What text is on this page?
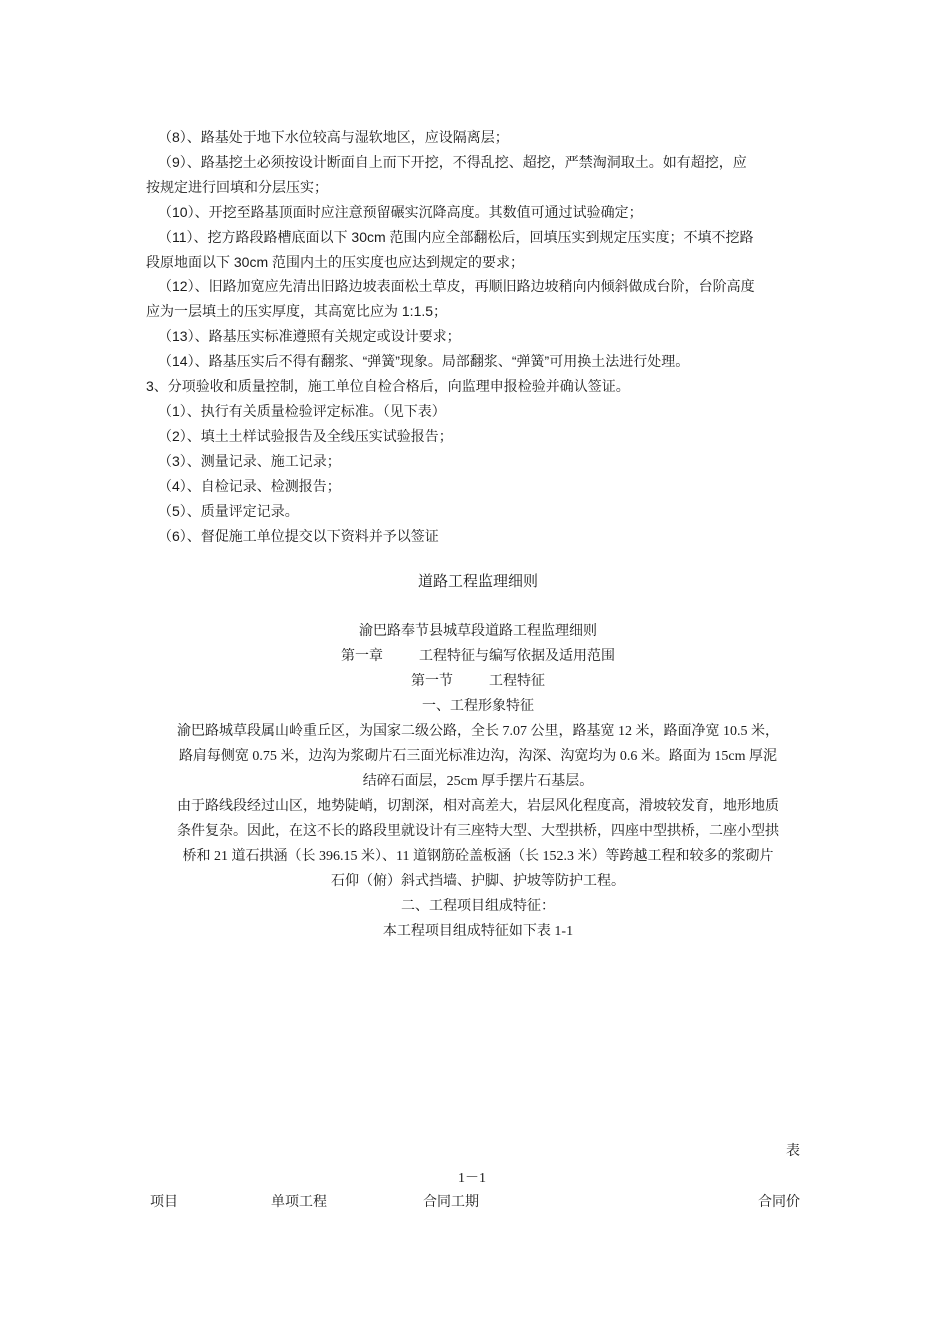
（8）、路基处于地下水位较高与湿软地区，应设隔离层；

（9）、路基挖土必须按设计断面自上而下开挖，不得乱挖、超挖，严禁淘洞取土。如有超挖，应
按规定进行回填和分层压实；

（10）、开挖至路基顶面时应注意预留碾实沉降高度。其数值可通过试验确定；

（11）、挖方路段路槽底面以下 30cm 范围内应全部翻松后，回填压实到规定压实度；不填不挖路
段原地面以下 30cm 范围内土的压实度也应达到规定的要求；

（12）、旧路加宽应先清出旧路边坡表面松土草皮，再顺旧路边坡稍向内倾斜做成台阶，台阶高度
应为一层填土的压实厚度，其高宽比应为 1:1.5；

（13）、路基压实标准遵照有关规定或设计要求；

（14）、路基压实后不得有翻浆、“弹簧”现象。局部翻浆、“弹簧”可用换土法进行处理。

3、分项验收和质量控制，施工单位自检合格后，向监理申报检验并确认签证。

（1）、执行有关质量检验评定标准。（见下表）

（2）、填土土样试验报告及全线压实试验报告；

（3）、测量记录、施工记录；

（4）、自检记录、检测报告；

（5）、质量评定记录。

（6）、督促施工单位提交以下资料并予以签证

道路工程监理细则

渝巴路奉节县城草段道路工程监理细则

第一章	工程特征与编写依据及适用范围

第一节	工程特征

一、工程形象特征

渝巴路城草段属山岭重丘区，为国家二级公路，全长 7.07 公里，路基宽 12 米，路面净宽 10.5 米，
路肩每侧宽 0.75 米，边沟为浆砌片石三面光标准边沟，沟深、沟宽均为 0.6 米。路面为 15cm 厚泥
结碎石面层，25cm 厚手摆片石基层。

由于路线段经过山区，地势陡峭，切割深，相对高差大，岩层风化程度高，滑坡较发育，地形地质
条件复杂。因此，在这不长的路段里就设计有三座特大型、大型拱桥，四座中型拱桥，二座小型拱
桥和 21 道石拱涵（长 396.15 米）、11 道钢筋砼盖板涵（长 152.3 米）等跨越工程和较多的浆砌片
石仰（俯）斜式挡墙、护脚、护坡等防护工程。

二、工程项目组成特征：

本工程项目组成特征如下表 1-1

表

1－1

项目	单项工程	合同工期	合同价
